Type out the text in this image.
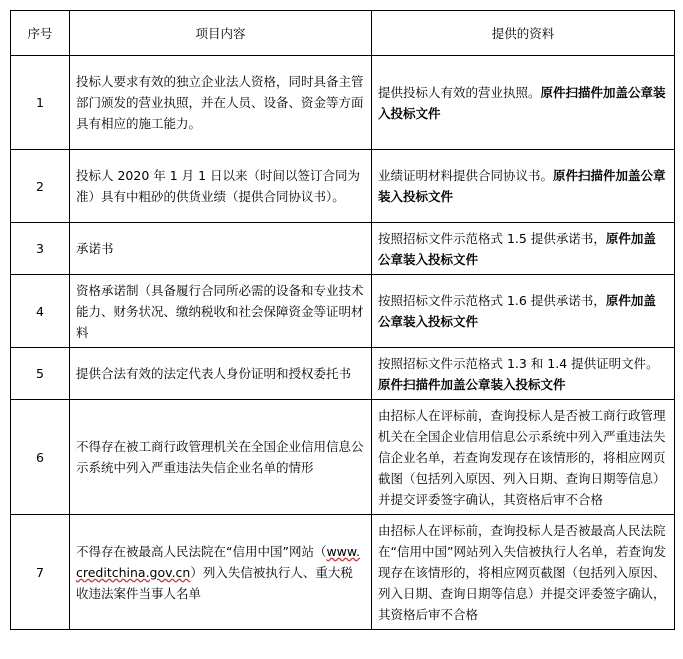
序号	项目内容	提供的资料
1	投标人要求有效的独立企业法人资格，同时具备主管部门颁发的营业执照，并在人员、设备、资金等方面具有相应的施工能力。	提供投标人有效的营业执照。原件扫描件加盖公章装入投标文件
2	投标人 2020 年 1 月 1 日以来（时间以签订合同为准）具有中粗砂的供货业绩（提供合同协议书）。	业绩证明材料提供合同协议书。原件扫描件加盖公章装入投标文件
3	承诺书	按照招标文件示范格式 1.5 提供承诺书，原件加盖公章装入投标文件
4	资格承诺制（具备履行合同所必需的设备和专业技术能力、财务状况、缴纳税收和社会保障资金等证明材料	按照招标文件示范格式 1.6 提供承诺书，原件加盖公章装入投标文件
5	提供合法有效的法定代表人身份证明和授权委托书	按照招标文件示范格式 1.3 和 1.4 提供证明文件。原件扫描件加盖公章装入投标文件
6	不得存在被工商行政管理机关在全国企业信用信息公示系统中列入严重违法失信企业名单的情形	由招标人在评标前，查询投标人是否被工商行政管理机关在全国企业信用信息公示系统中列入严重违法失信企业名单，若查询发现存在该情形的，将相应网页截图（包括列入原因、列入日期、查询日期等信息）并提交评委签字确认，其资格后审不合格
7	不得存在被最高人民法院在“信用中国”网站（www.creditchina.gov.cn）列入失信被执行人、重大税收违法案件当事人名单	由招标人在评标前，查询投标人是否被最高人民法院在“信用中国”网站列入失信被执行人名单，若查询发现存在该情形的，将相应网页截图（包括列入原因、列入日期、查询日期等信息）并提交评委签字确认，其资格后审不合格
